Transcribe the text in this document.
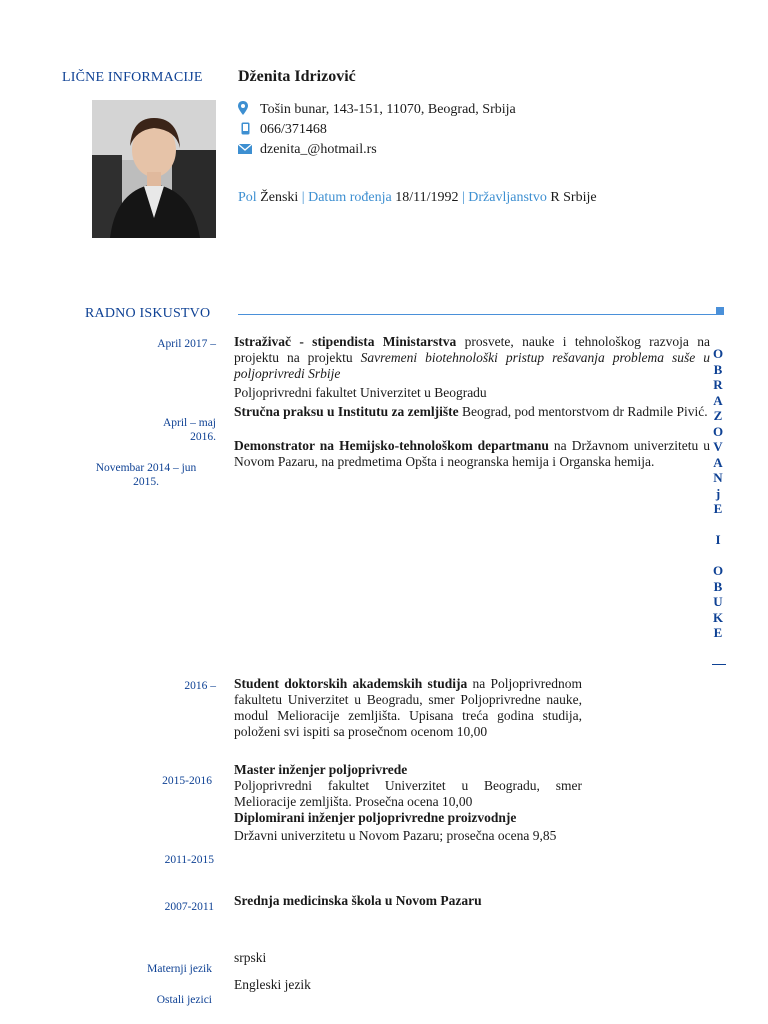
LIČNE INFORMACIJE Dženita Idrizović
Tošin bunar, 143-151, 11070, Beograd, Srbija
066/371468
dzenita_@hotmail.rs
Pol Ženski | Datum rođenja 18/11/1992 | Državljanstvo R Srbije
RADNO ISKUSTVO
April 2017 – Istraživač - stipendista Ministarstva prosvete, nauke i tehnološkog razvoja na projektu na projektu Savremeni biotehnološki pristup rešavanja problema suše u poljoprivredi Srbije
Poljoprivredni fakultet Univerzitet u Beogradu
April – maj 2016.
Stručna praksu u Institutu za zemljište Beograd, pod mentorstvom dr Radmile Pivić.
Novembar 2014 – jun 2015.
Demonstrator na Hemijsko-tehnološkom departmanu na Državnom univerzitetu u Novom Pazaru, na predmetima Opšta i neogranska hemija i Organska hemija.
O
B
R
A
Z
O
V
A
N
j
E

I

O
B
U
K
E
2016 – Student doktorskih akademskih studija na Poljoprivrednom fakultetu Univerzitet u Beogradu, smer Poljoprivredne nauke, modul Melioracije zemljišta. Upisana treća godina studija, položeni svi ispiti sa prosečnom ocenom 10,00
2015-2016
Master inženjer poljoprivrede
Poljoprivredni fakultet Univerzitet u Beogradu, smer Melioracije zemljišta. Prosečna ocena 10,00
Diplomirani inženjer poljoprivredne proizvodnje
Državni univerzitetu u Novom Pazaru; prosečna ocena 9,85
2011-2015
2007-2011 Srednja medicinska škola u Novom Pazaru
Maternji jezik
srpski
Ostali jezici
Engleski jezik
